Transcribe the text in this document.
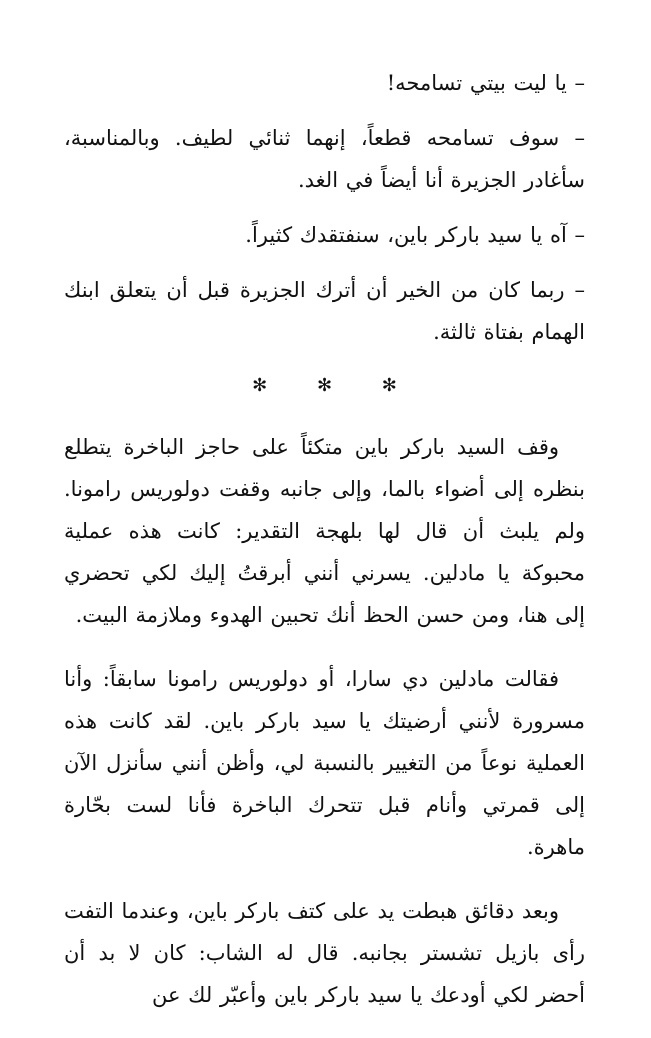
– يا ليت بيتي تسامحه!

– سوف تسامحه قطعاً، إنهما ثنائي لطيف. وبالمناسبة، سأغادر الجزيرة أنا أيضاً في الغد.

– آه يا سيد باركر باين، سنفتقدك كثيراً.

– ربما كان من الخير أن أترك الجزيرة قبل أن يتعلق ابنك الهمام بفتاة ثالثة.

✻ ✻ ✻

وقف السيد باركر باين متكئاً على حاجز الباخرة يتطلع بنظره إلى أضواء بالما، وإلى جانبه وقفت دولوريس رامونا. ولم يلبث أن قال لها بلهجة التقدير: كانت هذه عملية محبوكة يا مادلين. يسرني أنني أبرقتُ إليك لكي تحضري إلى هنا، ومن حسن الحظ أنك تحبين الهدوء وملازمة البيت.

فقالت مادلين دي سارا، أو دولوريس رامونا سابقاً: وأنا مسرورة لأنني أرضيتك يا سيد باركر باين. لقد كانت هذه العملية نوعاً من التغيير بالنسبة لي، وأظن أنني سأنزل الآن إلى قمرتي وأنام قبل تتحرك الباخرة فأنا لست بحّارة ماهرة.

وبعد دقائق هبطت يد على كتف باركر باين، وعندما التفت رأى بازيل تشستر بجانبه. قال له الشاب: كان لا بد أن أحضر لكي أودعك يا سيد باركر باين وأعبّر لك عن
